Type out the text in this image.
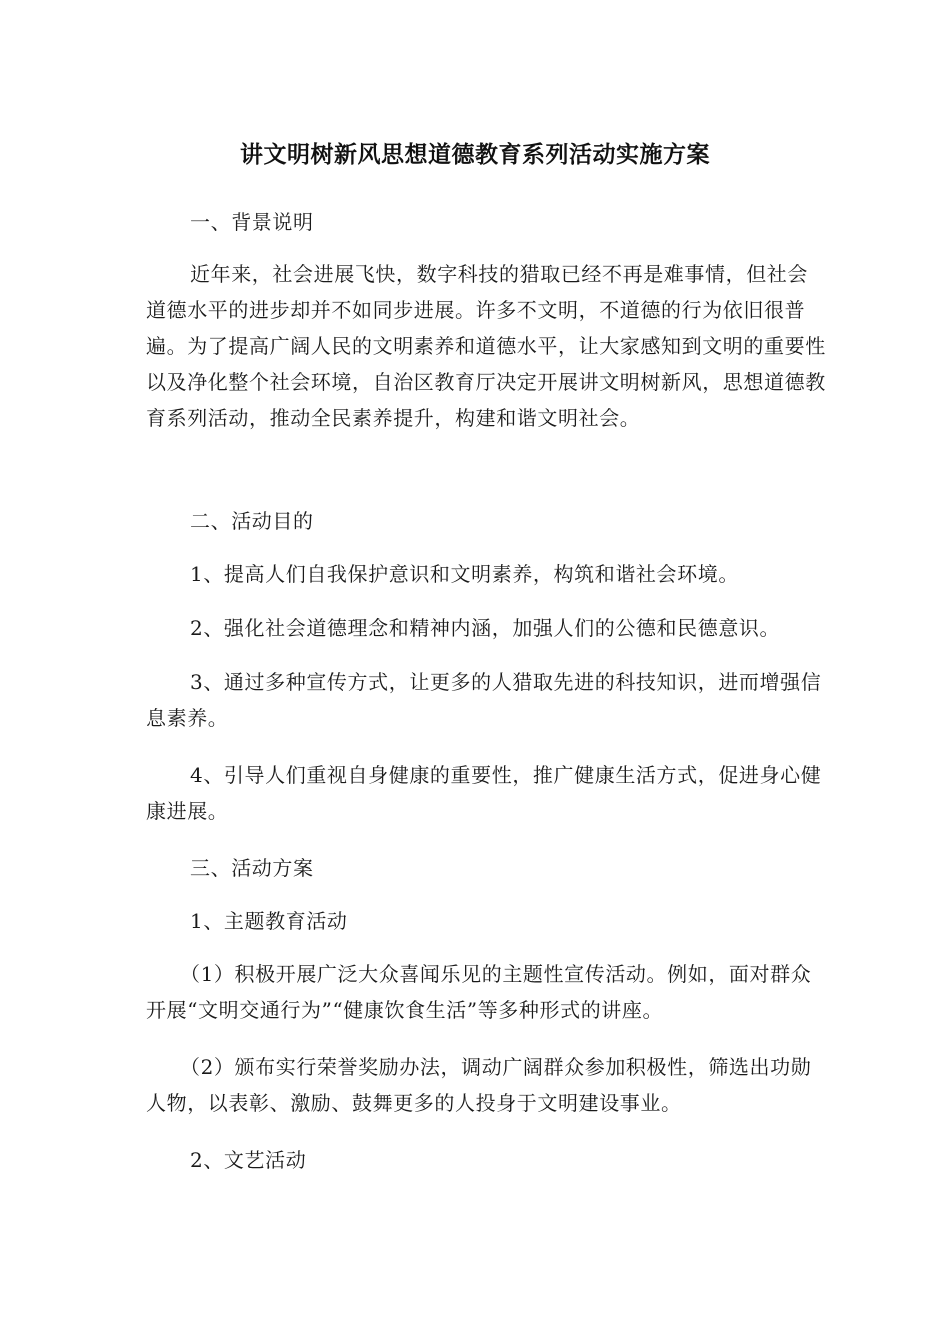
讲文明树新风思想道德教育系列活动实施方案

一、背景说明

近年来，社会进展飞快，数字科技的猎取已经不再是难事情，但社会道德水平的进步却并不如同步进展。许多不文明，不道德的行为依旧很普遍。为了提高广阔人民的文明素养和道德水平，让大家感知到文明的重要性以及净化整个社会环境，自治区教育厅决定开展讲文明树新风，思想道德教育系列活动，推动全民素养提升，构建和谐文明社会。

二、活动目的

1、提高人们自我保护意识和文明素养，构筑和谐社会环境。

2、强化社会道德理念和精神内涵，加强人们的公德和民德意识。

3、通过多种宣传方式，让更多的人猎取先进的科技知识，进而增强信息素养。

4、引导人们重视自身健康的重要性，推广健康生活方式，促进身心健康进展。

三、活动方案

1、主题教育活动

（1）积极开展广泛大众喜闻乐见的主题性宣传活动。例如，面对群众开展“文明交通行为”“健康饮食生活”等多种形式的讲座。

（2）颁布实行荣誉奖励办法，调动广阔群众参加积极性，筛选出功勋人物，以表彰、激励、鼓舞更多的人投身于文明建设事业。

2、文艺活动
